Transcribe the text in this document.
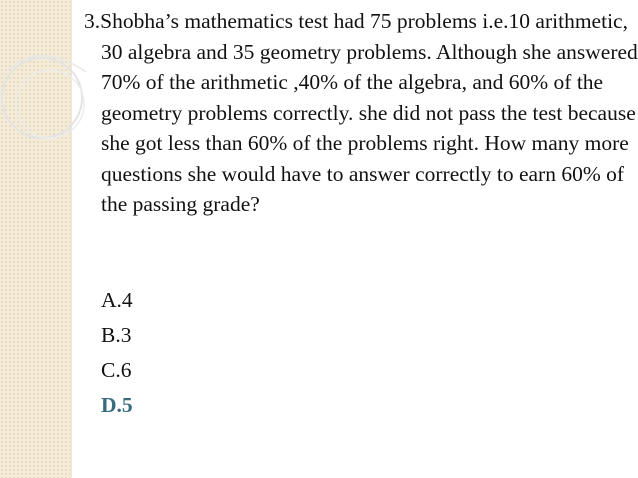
3.Shobha’s mathematics test had 75 problems i.e.10 arithmetic, 30 algebra and 35 geometry problems. Although she answered 70% of the arithmetic ,40% of the algebra, and 60% of the geometry problems correctly. she did not pass the test because she got less than 60% of the problems right. How many more questions she would have to answer correctly to earn 60% of the passing grade?

A.4
B.3
C.6
D.5
